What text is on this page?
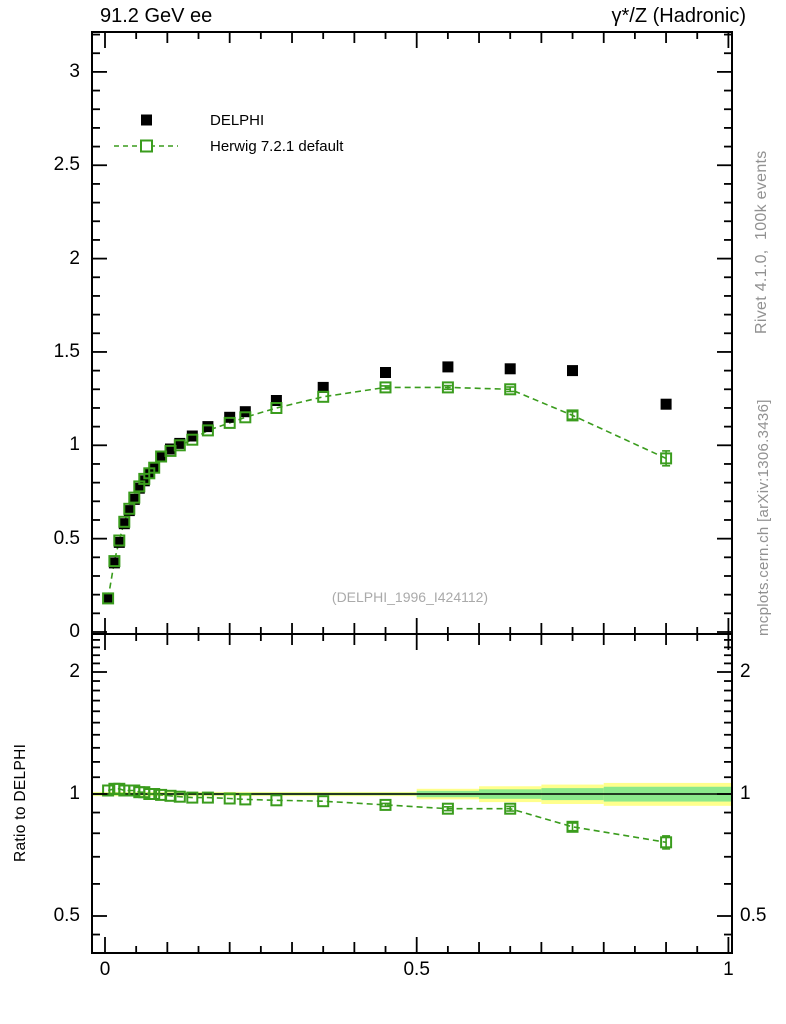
91.2 GeV ee	γ*/Z (Hadronic)
DELPHI
Herwig 7.2.1 default
(DELPHI_1996_I424112)
Rivet 4.1.0,  100k events
mcplots.cern.ch [arXiv:1306.3436]
Ratio to DELPHI
0
0.5
1
1.5
2
2.5
3
0.5	0.5
1	1
2	2
0	0.5	1
